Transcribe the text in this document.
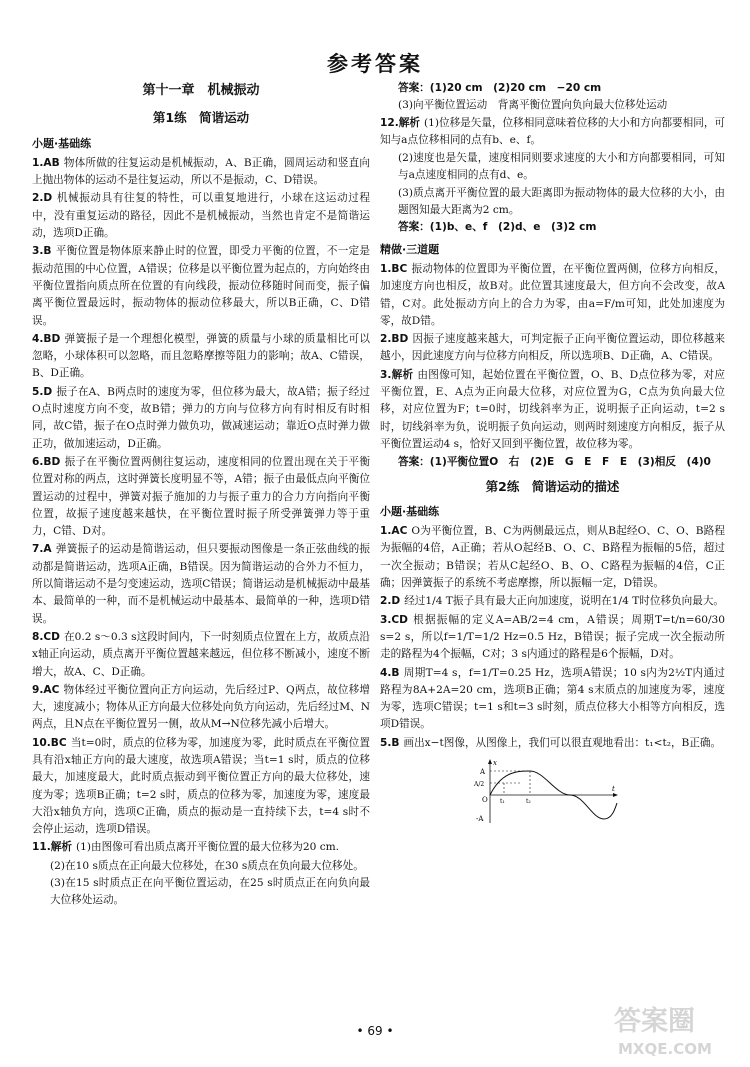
参考答案
第十一章　机械振动
第1练　简谐运动
小题·基础练
1.AB 物体所做的往复运动是机械振动，A、B正确，圆周运动和竖直向上抛出物体的运动不是往复运动，所以不是振动，C、D错误。
2.D 机械振动具有往复的特性，可以重复地进行，小球在这运动过程中，没有重复运动的路径，因此不是机械振动，当然也肯定不是简谐运动，选项D正确。
3.B 平衡位置是物体原来静止时的位置，即受力平衡的位置，不一定是振动范围的中心位置，A错误；位移是以平衡位置为起点的，方向始终由平衡位置指向质点所在位置的有向线段，振动位移随时间而变，振子偏离平衡位置最远时，振动物体的振动位移最大，所以B正确，C、D错误。
4.BD 弹簧振子是一个理想化模型，弹簧的质量与小球的质量相比可以忽略，小球体积可以忽略，而且忽略摩擦等阻力的影响；故A、C错误，B、D正确。
5.D 振子在A、B两点时的速度为零，但位移为最大，故A错；振子经过O点时速度方向不变，故B错；弹力的方向与位移方向有时相反有时相同，故C错，振子在O点时弹力做负功，做减速运动；靠近O点时弹力做正功，做加速运动，D正确。
6.BD 振子在平衡位置两侧往复运动，速度相同的位置出现在关于平衡位置对称的两点，这时弹簧长度明显不等，A错；振子由最低点向平衡位置运动的过程中，弹簧对振子施加的力与振子重力的合力方向指向平衡位置，故振子速度越来越快，在平衡位置时振子所受弹簧弹力等于重力，C错、D对。
7.A 弹簧振子的运动是简谐运动，但只要振动图像是一条正弦曲线的振动都是简谐运动，选项A正确，B错误。因为简谐运动的合外力不恒力，所以简谐运动不是匀变速运动，选项C错误；简谐运动是机械振动中最基本、最简单的一种，而不是机械运动中最基本、最简单的一种，选项D错误。
8.CD 在0.2 s～0.3 s这段时间内，下一时刻质点位置在上方，故质点沿x轴正向运动，质点离开平衡位置越来越远，但位移不断减小，速度不断增大，故A、C、D正确。
9.AC 物体经过平衡位置向正方向运动，先后经过P、Q两点，故位移增大，速度减小；物体从正方向最大位移处向负方向运动，先后经过M、N两点，且N点在平衡位置另一侧，故从M→N位移先减小后增大。
10.BC 当t=0时，质点的位移为零，加速度为零，此时质点在平衡位置具有沿x轴正方向的最大速度，故选项A错误；当t=1 s时，质点的位移最大，加速度最大，此时质点振动到平衡位置正方向的最大位移处，速度为零；选项B正确；t=2 s时，质点的位移为零，加速度为零，速度最大沿x轴负方向，选项C正确，质点的振动是一直持续下去，t=4 s时不会停止运动，选项D错误。
11.解析 (1)由图像可看出质点离开平衡位置的最大位移为20 cm.
(2)在10 s质点在正向最大位移处，在30 s质点在负向最大位移处。
(3)在15 s时质点正在向平衡位置运动，在25 s时质点正在向负向最大位移处运动。
答案：(1)20 cm　(2)20 cm　−20 cm
(3)向平衡位置运动　背离平衡位置向负向最大位移处运动
12.解析 (1)位移是矢量，位移相同意味着位移的大小和方向都要相同，可知与a点位移相同的点有b、e、f。
(2)速度也是矢量，速度相同则要求速度的大小和方向都要相同，可知与a点速度相同的点有d、e。
(3)质点离开平衡位置的最大距离即为振动物体的最大位移的大小，由题图知最大距离为2 cm。
答案：(1)b、e、f　(2)d、e　(3)2 cm
精做·三道题
1.BC 振动物体的位置即为平衡位置，在平衡位置两侧，位移方向相反，加速度方向也相反，故B对。此位置其速度最大，但方向不会改变，故A错，C对。此处振动方向上的合力为零，由a=F/m可知，此处加速度为零，故D错。
2.BD 因振子速度越来越大，可判定振子正向平衡位置运动，即位移越来越小，因此速度方向与位移方向相反，所以选项B、D正确，A、C错误。
3.解析 由图像可知，起始位置在平衡位置，O、B、D点位移为零，对应平衡位置，E、A点为正向最大位移，对应位置为G，C点为负向最大位移，对应位置为F；t=0时，切线斜率为正，说明振子正向运动，t=2 s时，切线斜率为负，说明振子负向运动，则两时刻速度方向相反，振子从平衡位置运动4 s，恰好又回到平衡位置，故位移为零。
答案：(1)平衡位置O　右　(2)E　G　E　F　E　(3)相反　(4)0
第2练　简谐运动的描述
小题·基础练
1.AC O为平衡位置，B、C为两侧最远点，则从B起经O、C、O、B路程为振幅的4倍，A正确；若从O起经B、O、C、B路程为振幅的5倍，超过一次全振动；B错误；若从C起经O、B、O、C路程为振幅的4倍，C正确；因弹簧振子的系统不考虑摩擦，所以振幅一定，D错误。
2.D 经过1/4 T振子具有最大正向加速度，说明在1/4 T时位移负向最大。
3.CD 根据振幅的定义A=AB/2=4 cm，A错误；周期T=t/n=60/30 s=2 s，所以f=1/T=1/2 Hz=0.5 Hz，B错误；振子完成一次全振动所走的路程为4个振幅，C对；3 s内通过的路程是6个振幅，D对。
4.B 周期T=4 s，f=1/T=0.25 Hz，选项A错误；10 s内为2½T内通过路程为8A+2A=20 cm，选项B正确；第4 s末质点的加速度为零，速度为零，选项C错误；t=1 s和t=3 s时刻，质点位移大小相等方向相反，选项D错误。
5.B 画出x−t图像，从图像上，我们可以很直观地看出：t₁<t₂，B正确。
x
t
A
A/2
-A
O t₁	t₂
• 69 •	答案圈
MXQE.COM
